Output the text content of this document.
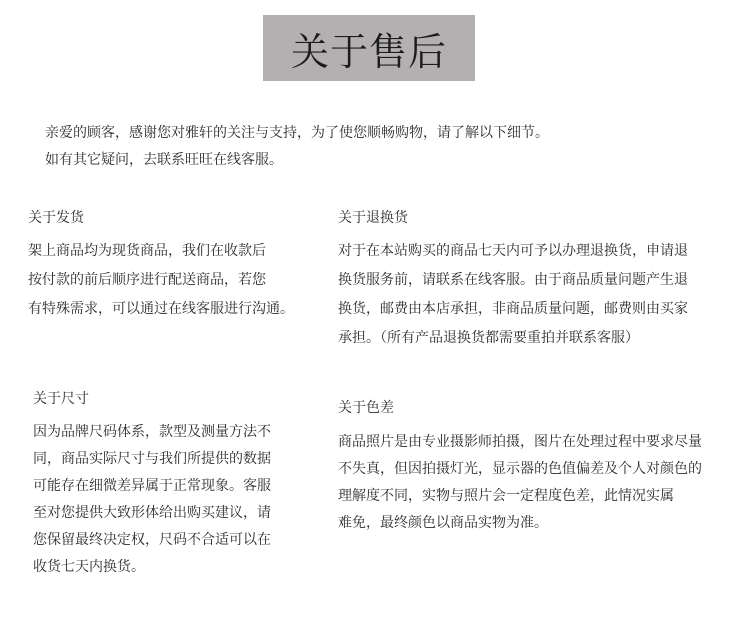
关于售后
亲爱的顾客，感谢您对雅轩的关注与支持，为了使您顺畅购物，请了解以下细节。
如有其它疑问，去联系旺旺在线客服。
关于发货
架上商品均为现货商品，我们在收款后
按付款的前后顺序进行配送商品，若您
有特殊需求，可以通过在线客服进行沟通。
关于退换货
对于在本站购买的商品七天内可予以办理退换货，申请退
换货服务前，请联系在线客服。由于商品质量问题产生退
换货，邮费由本店承担，非商品质量问题，邮费则由买家
承担。（所有产品退换货都需要重拍并联系客服）
关于尺寸
因为品牌尺码体系，款型及测量方法不
同，商品实际尺寸与我们所提供的数据
可能存在细微差异属于正常现象。客服
至对您提供大致形体给出购买建议，请
您保留最终决定权，尺码不合适可以在
收货七天内换货。
关于色差
商品照片是由专业摄影师拍摄，图片在处理过程中要求尽量
不失真，但因拍摄灯光，显示器的色值偏差及个人对颜色的
理解度不同，实物与照片会一定程度色差，此情况实属
难免，最终颜色以商品实物为准。
